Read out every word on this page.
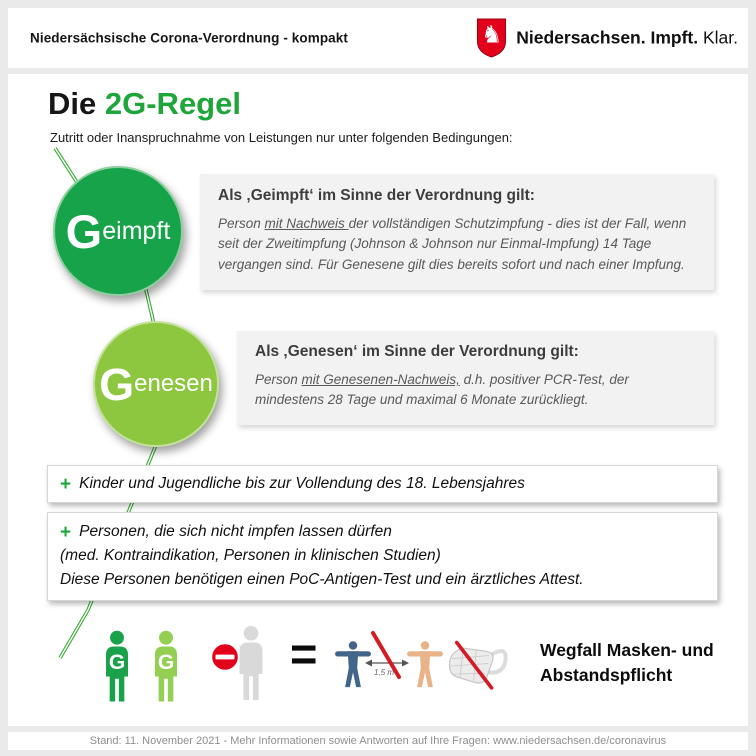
Niedersächsische Corona-Verordnung - kompakt	♞ Niedersachsen. Impft. Klar.
Die 2G-Regel

Zutritt oder Inanspruchnahme von Leistungen nur unter folgenden Bedingungen:

G eimpft
Als ‚Geimpft‘ im Sinne der Verordnung gilt:

Person mit Nachweis der vollständigen Schutzimpfung - dies ist der Fall, wenn seit der Zweitimpfung (Johnson & Johnson nur Einmal-Impfung) 14 Tage vergangen sind. Für Genesene gilt dies bereits sofort und nach einer Impfung.

G enesen
Als ‚Genesen‘ im Sinne der Verordnung gilt:

Person mit Genesenen-Nachweis, d.h. positiver PCR-Test, der mindestens 28 Tage und maximal 6 Monate zurückliegt.

+ Kinder und Jugendliche bis zur Vollendung des 18. Lebensjahres
+ Personen, die sich nicht impfen lassen dürfen
(med. Kontraindikation, Personen in klinischen Studien)
Diese Personen benötigen einen PoC-Antigen-Test und ein ärztliches Attest.
G G =	1,5 m
Wegfall Masken- und
Abstandspflicht
Stand: 11. November 2021 - Mehr Informationen sowie Antworten auf Ihre Fragen: www.niedersachsen.de/coronavirus
